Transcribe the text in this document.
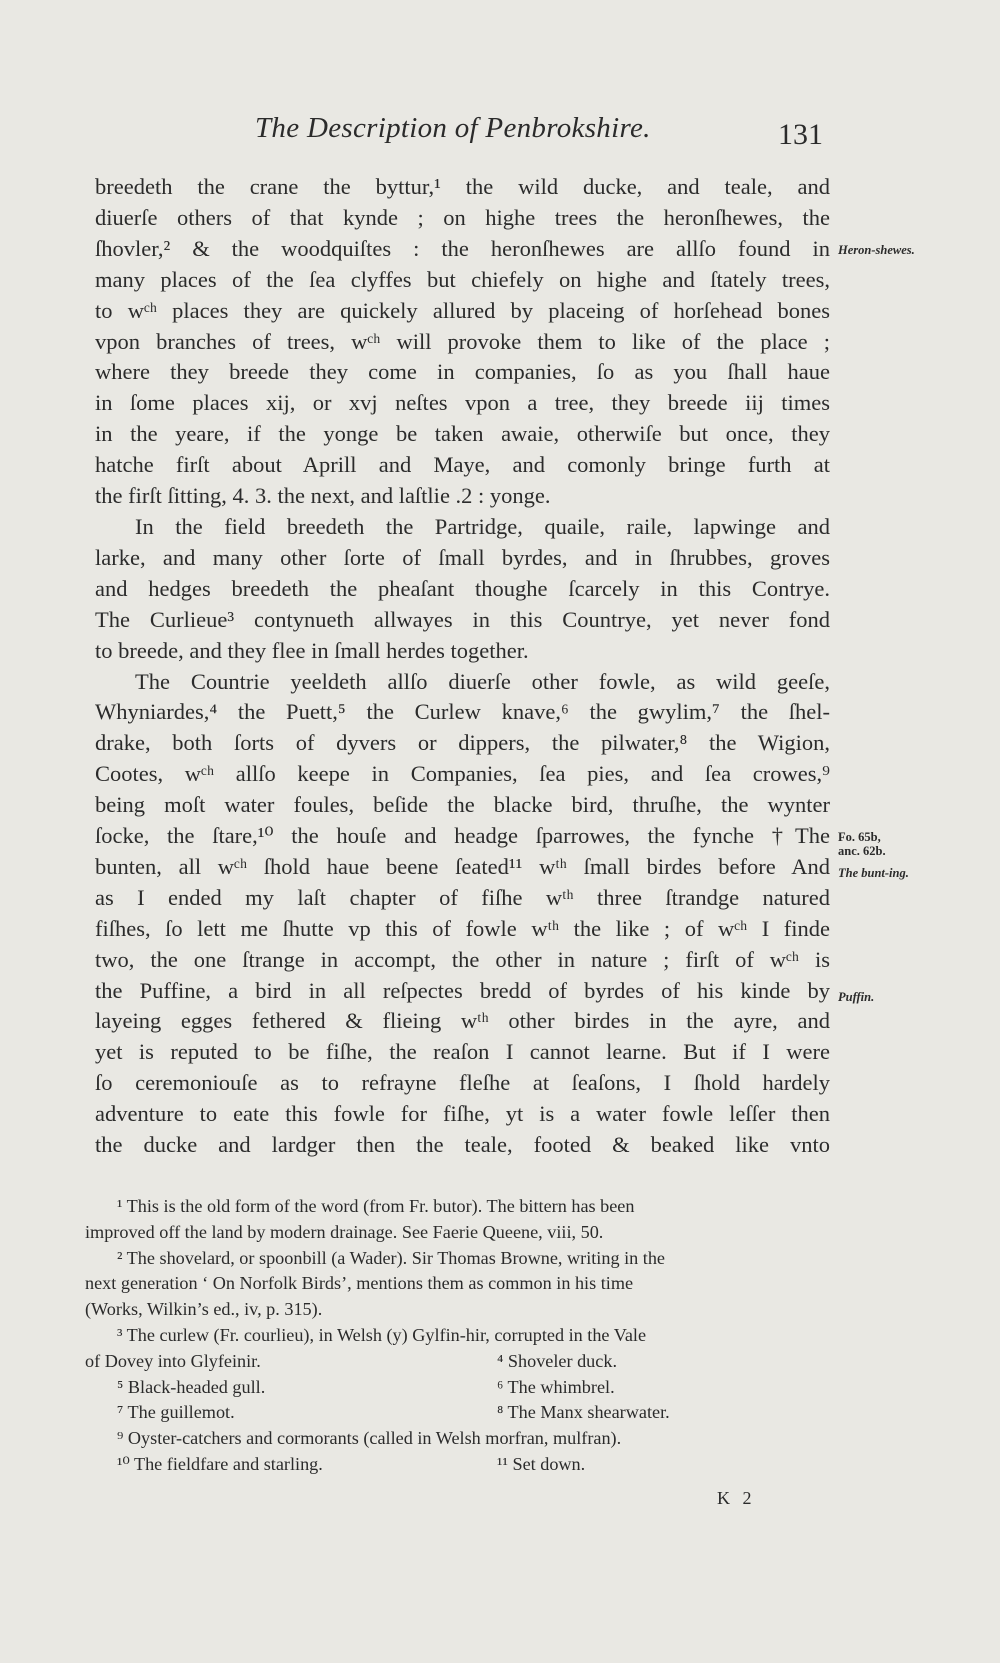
The Description of Penbrokshire.	131
breedeth the crane the byttur,¹ the wild ducke, and teale, and
diuerſe others of that kynde ; on highe trees the heronſhewes, the
ſhovler,² & the woodquiſtes : the heronſhewes are allſo found in
many places of the ſea clyffes but chiefely on highe and ſtately trees,
to wᶜʰ places they are quickely allured by placeing of horſehead bones
vpon branches of trees, wᶜʰ will provoke them to like of the place ;
where they breede they come in companies, ſo as you ſhall haue
in ſome places xij, or xvj neſtes vpon a tree, they breede iij times
in the yeare, if the yonge be taken awaie, otherwiſe but once, they
hatche firſt about Aprill and Maye, and comonly bringe furth at
the firſt ſitting, 4. 3. the next, and laſtlie .2 : yonge.
In the field breedeth the Partridge, quaile, raile, lapwinge and
larke, and many other ſorte of ſmall byrdes, and in ſhrubbes, groves
and hedges breedeth the pheaſant thoughe ſcarcely in this Contrye.
The Curlieue³ contynueth allwayes in this Countrye, yet never fond
to breede, and they flee in ſmall herdes together.
The Countrie yeeldeth allſo diuerſe other fowle, as wild geeſe,
Whyniardes,⁴ the Puett,⁵ the Curlew knave,⁶ the gwylim,⁷ the ſhel-
drake, both ſorts of dyvers or dippers, the pilwater,⁸ the Wigion,
Cootes, wᶜʰ allſo keepe in Companies, ſea pies, and ſea crowes,⁹
being moſt water foules, beſide the blacke bird, thruſhe, the wynter
ſocke, the ſtare,¹⁰ the houſe and headge ſparrowes, the fynche †The
bunten, all wᶜʰ ſhold haue beene ſeated¹¹ wᵗʰ ſmall birdes before And
as I ended my laſt chapter of fiſhe wᵗʰ three ſtrandge natured
fiſhes, ſo lett me ſhutte vp this of fowle wᵗʰ the like ; of wᶜʰ I finde
two, the one ſtrange in accompt, the other in nature ; firſt of wᶜʰ is
the Puffine, a bird in all reſpectes bredd of byrdes of his kinde by
layeing egges fethered & flieing wᵗʰ other birdes in the ayre, and
yet is reputed to be fiſhe, the reaſon I cannot learne. But if I were
ſo ceremoniouſe as to refrayne fleſhe at ſeaſons, I ſhold hardely
adventure to eate this fowle for fiſhe, yt is a water fowle leſſer then
the ducke and lardger then the teale, footed & beaked like vnto
Heron-shewes.
Fo. 65b,
anc. 62b.
The bunt-ing.
Puffin.
¹ This is the old form of the word (from Fr. butor). The bittern has been
improved off the land by modern drainage. See Faerie Queene, viii, 50.
² The shovelard, or spoonbill (a Wader). Sir Thomas Browne, writing in the
next generation ‘ On Norfolk Birds’, mentions them as common in his time
(Works, Wilkin’s ed., iv, p. 315).
³ The curlew (Fr. courlieu), in Welsh (y) Gylfin-hir, corrupted in the Vale
of Dovey into Glyfeinir.	⁴ Shoveler duck.
⁵ Black-headed gull.	⁶ The whimbrel.
⁷ The guillemot.	⁸ The Manx shearwater.
⁹ Oyster-catchers and cormorants (called in Welsh morfran, mulfran).
¹⁰ The fieldfare and starling.	¹¹ Set down.
K 2
